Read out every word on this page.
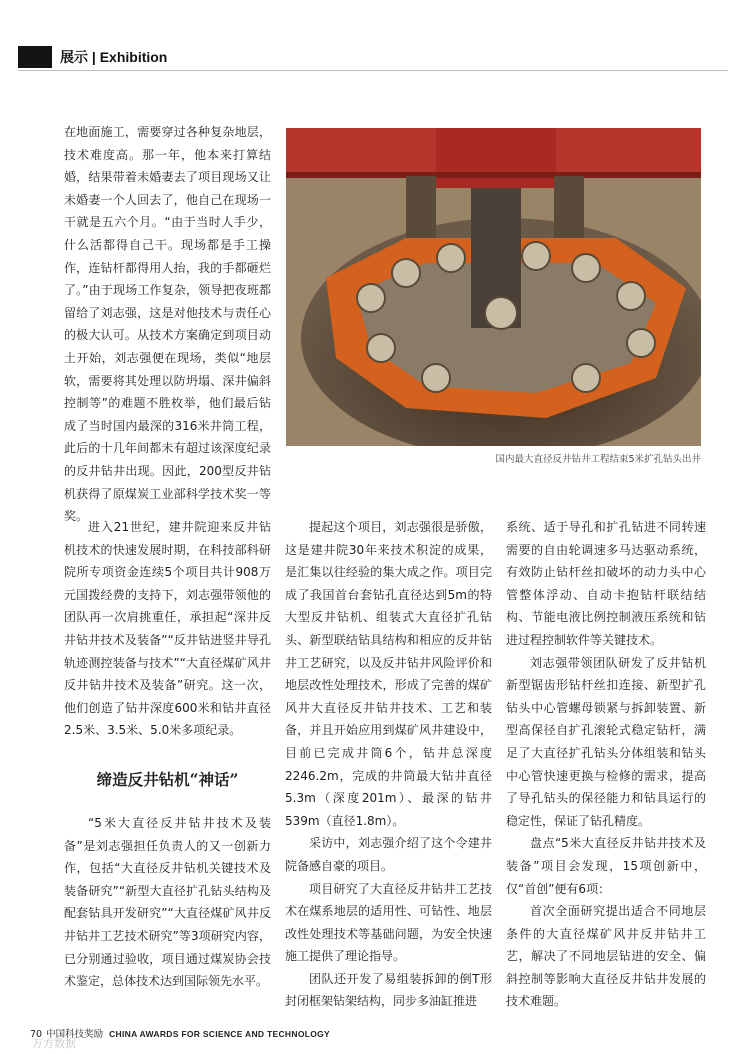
展示 | Exhibition

在地面施工，需要穿过各种复杂地层，技术难度高。那一年，他本来打算结婚，结果带着未婚妻去了项目现场又让未婚妻一个人回去了，他自己在现场一干就是五六个月。“由于当时人手少，什么活都得自己干。现场都是手工操作，连钻杆都得用人抬，我的手都砸烂了。”由于现场工作复杂，领导把夜班都留给了刘志强，这是对他技术与责任心的极大认可。从技术方案确定到项目动土开始，刘志强便在现场，类似“地层软，需要将其处理以防坍塌、深井偏斜控制等”的难题不胜枚举，他们最后钻成了当时国内最深的316米井筒工程，此后的十几年间都未有超过该深度纪录的反井钻井出现。因此，200型反井钻机获得了原煤炭工业部科学技术奖一等奖。

国内最大直径反井钻井工程结束5米扩孔钻头出井

进入21世纪，建井院迎来反井钻机技术的快速发展时期，在科技部科研院所专项资金连续5个项目共计908万元国拨经费的支持下，刘志强带领他的团队再一次肩挑重任，承担起“深井反井钻井技术及装备”“反井钻进竖井导孔轨迹测控装备与技术”“大直径煤矿风井反井钻井技术及装备”研究。这一次，他们创造了钻井深度600米和钻井直径2.5米、3.5米、5.0米多项纪录。

缔造反井钻机“神话”

“5米大直径反井钻井技术及装备”是刘志强担任负责人的又一创新力作，包括“大直径反井钻机关键技术及装备研究”“新型大直径扩孔钻头结构及配套钻具开发研究”“大直径煤矿风井反井钻井工艺技术研究”等3项研究内容，已分别通过验收，项目通过煤炭协会技术鉴定，总体技术达到国际领先水平。

提起这个项目，刘志强很是骄傲，这是建井院30年来技术积淀的成果，是汇集以往经验的集大成之作。项目完成了我国首台套钻孔直径达到5m的特大型反井钻机、组装式大直径扩孔钻头、新型联结钻具结构和相应的反井钻井工艺研究，以及反井钻井风险评价和地层改性处理技术，形成了完善的煤矿风井大直径反井钻井技术、工艺和装备，并且开始应用到煤矿风井建设中，目前已完成井筒6个，钻井总深度2246.2m，完成的井筒最大钻井直径5.3m（深度201m）、最深的钻井539m（直径1.8m）。

采访中，刘志强介绍了这个令建井院备感自豪的项目。

项目研究了大直径反井钻井工艺技术在煤系地层的适用性、可钻性、地层改性处理技术等基础问题，为安全快速施工提供了理论指导。

团队还开发了易组装拆卸的倒T形封闭框架钻架结构，同步多油缸推进

系统、适于导孔和扩孔钻进不同转速需要的自由轮调速多马达驱动系统，有效防止钻杆丝扣破坏的动力头中心管整体浮动、自动卡抱钻杆联结结构、节能电液比例控制液压系统和钻进过程控制软件等关键技术。

刘志强带领团队研发了反井钻机新型锯齿形钻杆丝扣连接、新型扩孔钻头中心管螺母锁紧与拆卸装置、新型高保径自扩孔滚轮式稳定钻杆，满足了大直径扩孔钻头分体组装和钻头中心管快速更换与检修的需求，提高了导孔钻头的保径能力和钻具运行的稳定性，保证了钻孔精度。

盘点“5米大直径反井钻井技术及装备”项目会发现，15项创新中，仅“首创”便有6项：

首次全面研究提出适合不同地层条件的大直径煤矿风井反井钻井工艺，解决了不同地层钻进的安全、偏斜控制等影响大直径反井钻井发展的技术难题。

70 中国科技奖励 CHINA AWARDS FOR SCIENCE AND TECHNOLOGY
万方数据
